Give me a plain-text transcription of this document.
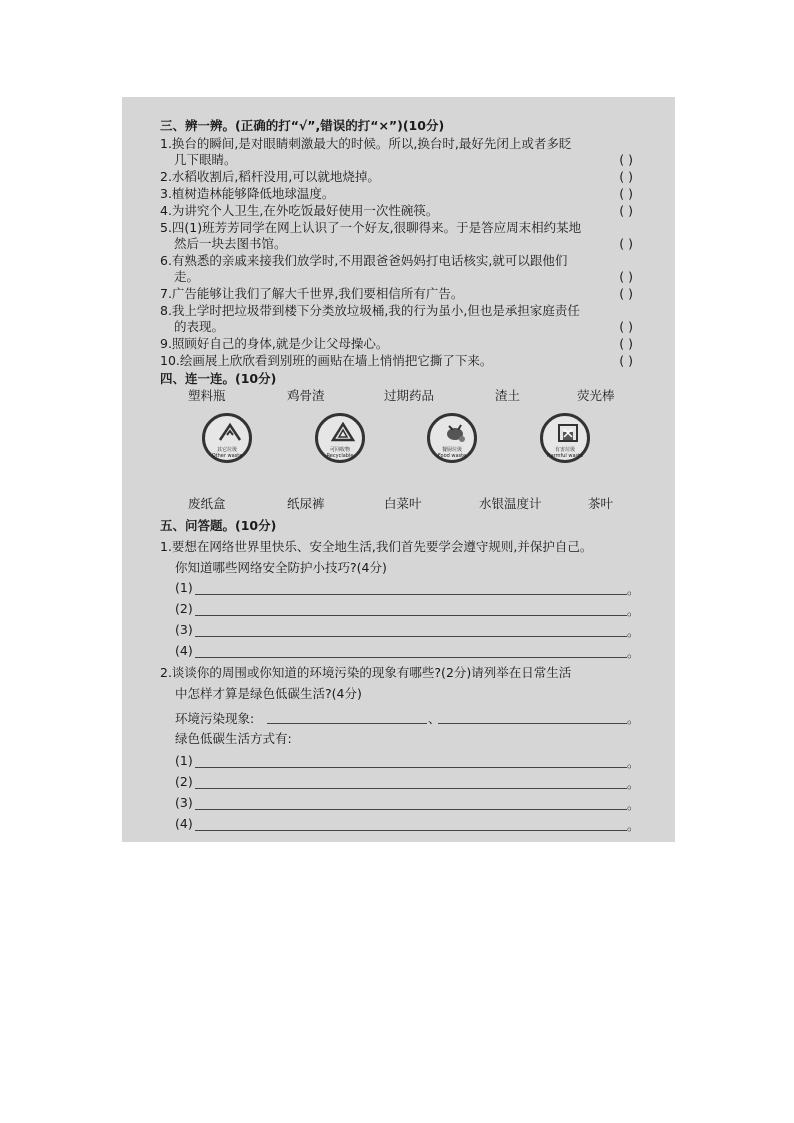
三、辨一辨。(正确的打“√”,错误的打“×”)(10分)
1.换台的瞬间,是对眼睛刺激最大的时候。所以,换台时,最好先闭上或者多眨
几下眼睛。	( )
2.水稻收割后,稻杆没用,可以就地烧掉。	( )
3.植树造林能够降低地球温度。	( )
4.为讲究个人卫生,在外吃饭最好使用一次性碗筷。	( )
5.四(1)班芳芳同学在网上认识了一个好友,很聊得来。于是答应周末相约某地
然后一块去图书馆。	( )
6.有熟悉的亲戚来接我们放学时,不用跟爸爸妈妈打电话核实,就可以跟他们
走。	( )
7.广告能够让我们了解大千世界,我们要相信所有广告。	( )
8.我上学时把垃圾带到楼下分类放垃圾桶,我的行为虽小,但也是承担家庭责任
的表现。	( )
9.照顾好自己的身体,就是少让父母操心。	( )
10.绘画展上欣欣看到别班的画贴在墙上悄悄把它撕了下来。	( )
四、连一连。(10分)
塑料瓶	鸡骨渣	过期药品	渣土	荧光棒
其它垃圾
Other waste
可回收物
Recyclable
餐厨垃圾
Food waste
有害垃圾
Harmful waste
废纸盒	纸尿裤	白菜叶	水银温度计	茶叶
五、问答题。(10分)
1.要想在网络世界里快乐、安全地生活,我们首先要学会遵守规则,并保护自己。
你知道哪些网络安全防护小技巧?(4分)
(1)	。
(2)	。
(3)	。
(4)	。
2.谈谈你的周围或你知道的环境污染的现象有哪些?(2分)请列举在日常生活
中怎样才算是绿色低碳生活?(4分)
环境污染现象:	、	。
绿色低碳生活方式有:
(1)	。
(2)	。
(3)	。
(4)	。
